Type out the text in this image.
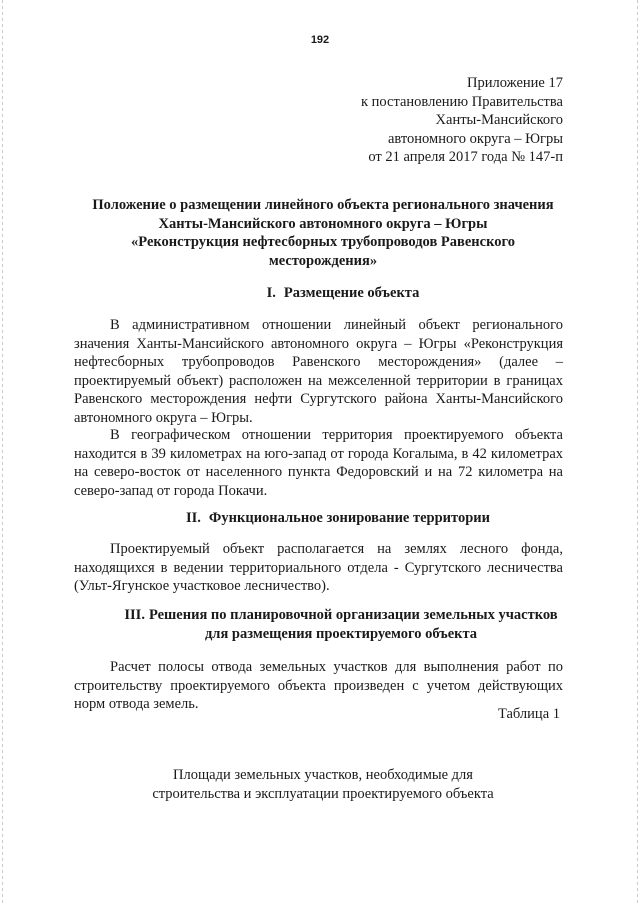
192
Приложение 17
к постановлению Правительства
Ханты-Мансийского
автономного округа – Югры
от 21 апреля 2017 года № 147-п
Положение о размещении линейного объекта регионального значения
Ханты-Мансийского автономного округа – Югры
«Реконструкция нефтесборных трубопроводов Равенского
месторождения»
I. Размещение объекта
В административном отношении линейный объект регионального значения Ханты-Мансийского автономного округа – Югры «Реконструкция нефтесборных трубопроводов Равенского месторождения» (далее – проектируемый объект) расположен на межселенной территории в границах Равенского месторождения нефти Сургутского района Ханты-Мансийского автономного округа – Югры.
В географическом отношении территория проектируемого объекта находится в 39 километрах на юго-запад от города Когалыма, в 42 километрах на северо-восток от населенного пункта Федоровский и на 72 километра на северо-запад от города Покачи.
II. Функциональное зонирование территории
Проектируемый объект располагается на землях лесного фонда, находящихся в ведении территориального отдела - Сургутского лесничества (Ульт-Ягунское участковое лесничество).
III. Решения по планировочной организации земельных участков
для размещения проектируемого объекта
Расчет полосы отвода земельных участков для выполнения работ по строительству проектируемого объекта произведен с учетом действующих норм отвода земель.
Таблица 1
Площади земельных участков, необходимые для
строительства и эксплуатации проектируемого объекта
